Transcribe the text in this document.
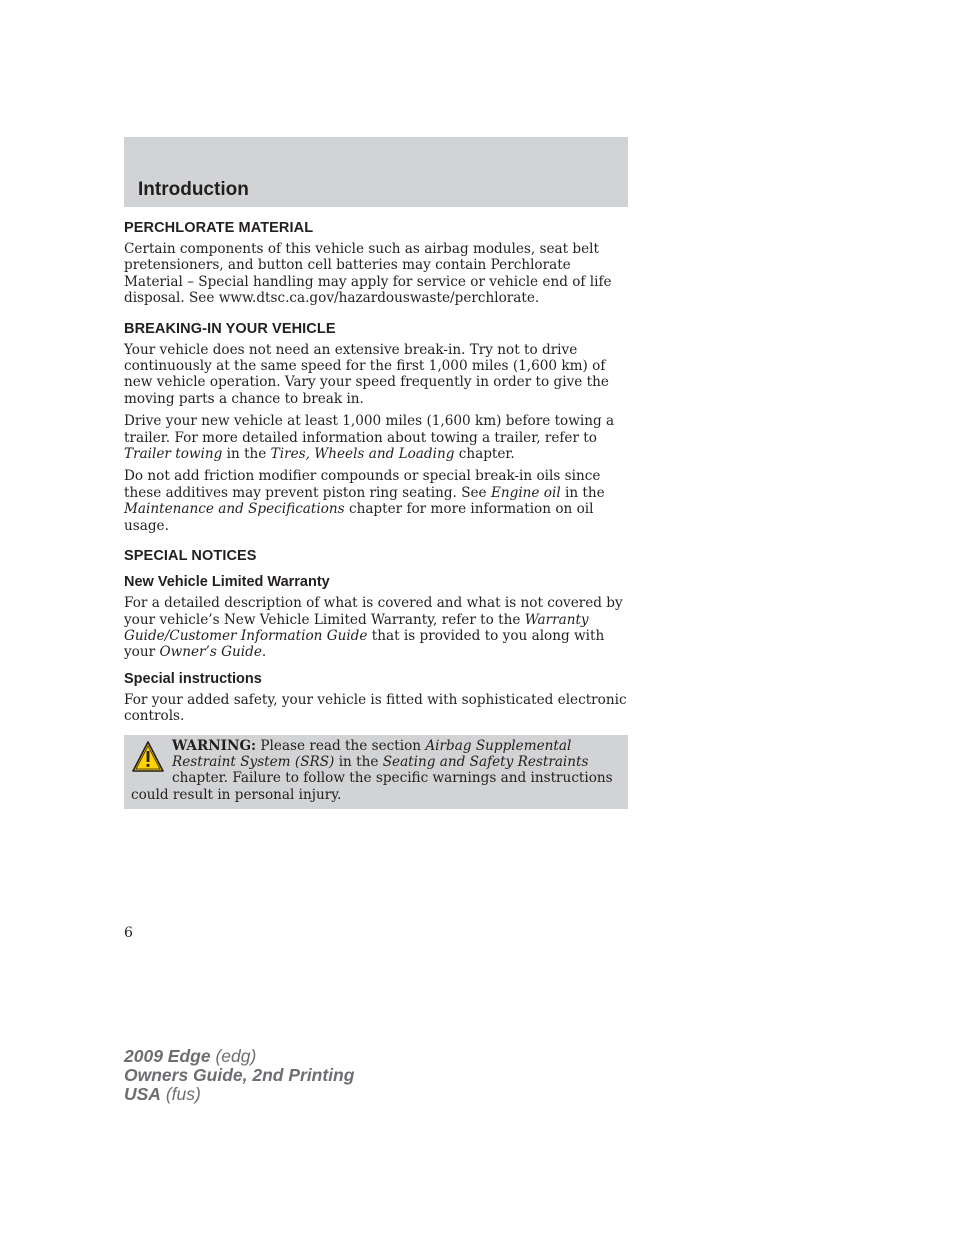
Introduction
PERCHLORATE MATERIAL

Certain components of this vehicle such as airbag modules, seat belt pretensioners, and button cell batteries may contain Perchlorate Material – Special handling may apply for service or vehicle end of life disposal. See www.dtsc.ca.gov/hazardouswaste/perchlorate.

BREAKING-IN YOUR VEHICLE

Your vehicle does not need an extensive break-in. Try not to drive continuously at the same speed for the first 1,000 miles (1,600 km) of new vehicle operation. Vary your speed frequently in order to give the moving parts a chance to break in.

Drive your new vehicle at least 1,000 miles (1,600 km) before towing a trailer. For more detailed information about towing a trailer, refer to Trailer towing in the Tires, Wheels and Loading chapter.

Do not add friction modifier compounds or special break-in oils since these additives may prevent piston ring seating. See Engine oil in the Maintenance and Specifications chapter for more information on oil usage.

SPECIAL NOTICES
New Vehicle Limited Warranty

For a detailed description of what is covered and what is not covered by your vehicle’s New Vehicle Limited Warranty, refer to the Warranty Guide/Customer Information Guide that is provided to you along with your Owner’s Guide.

Special instructions

For your added safety, your vehicle is fitted with sophisticated electronic controls.

WARNING: Please read the section Airbag Supplemental Restraint System (SRS) in the Seating and Safety Restraints chapter. Failure to follow the specific warnings and instructions could result in personal injury.

6
2009 Edge (edg)
Owners Guide, 2nd Printing
USA (fus)
